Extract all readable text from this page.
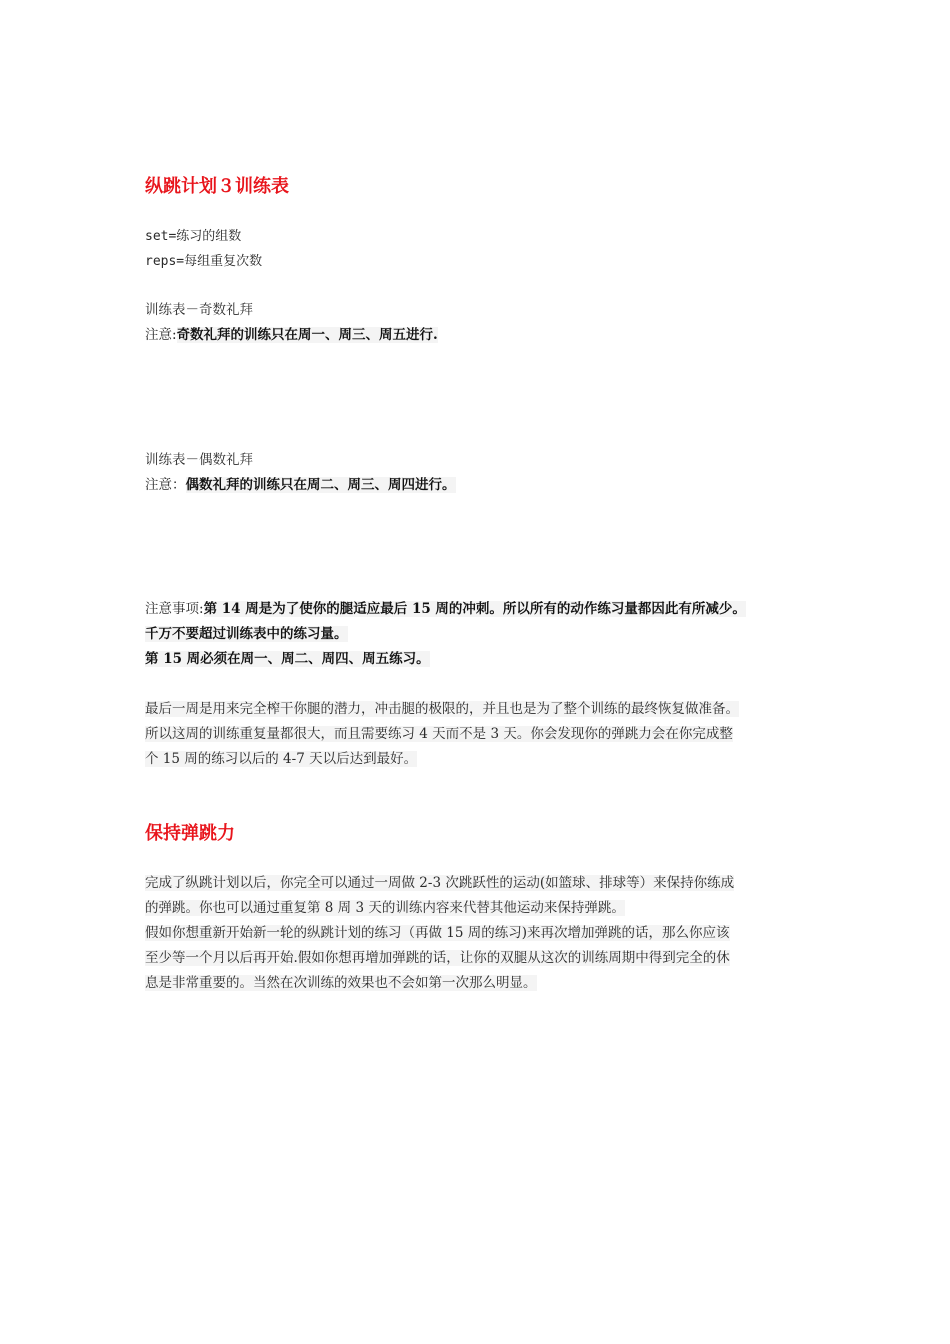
纵跳计划３训练表
set=练习的组数
reps=每组重复次数
训练表－奇数礼拜
注意:奇数礼拜的训练只在周一、周三、周五进行.
训练表－偶数礼拜
注意：偶数礼拜的训练只在周二、周三、周四进行。
注意事项:第 14 周是为了使你的腿适应最后 15 周的冲刺。所以所有的动作练习量都因此有所减少。
千万不要超过训练表中的练习量。
第 15 周必须在周一、周二、周四、周五练习。
最后一周是用来完全榨干你腿的潜力，冲击腿的极限的，并且也是为了整个训练的最终恢复做准备。
所以这周的训练重复量都很大，而且需要练习 4 天而不是 3 天。你会发现你的弹跳力会在你完成整
个 15 周的练习以后的 4-7 天以后达到最好。
保持弹跳力
完成了纵跳计划以后，你完全可以通过一周做 2-3 次跳跃性的运动(如篮球、排球等）来保持你练成
的弹跳。你也可以通过重复第 8 周 3 天的训练内容来代替其他运动来保持弹跳。
假如你想重新开始新一轮的纵跳计划的练习（再做 15 周的练习)来再次增加弹跳的话，那么你应该
至少等一个月以后再开始.假如你想再增加弹跳的话，让你的双腿从这次的训练周期中得到完全的休
息是非常重要的。当然在次训练的效果也不会如第一次那么明显。
